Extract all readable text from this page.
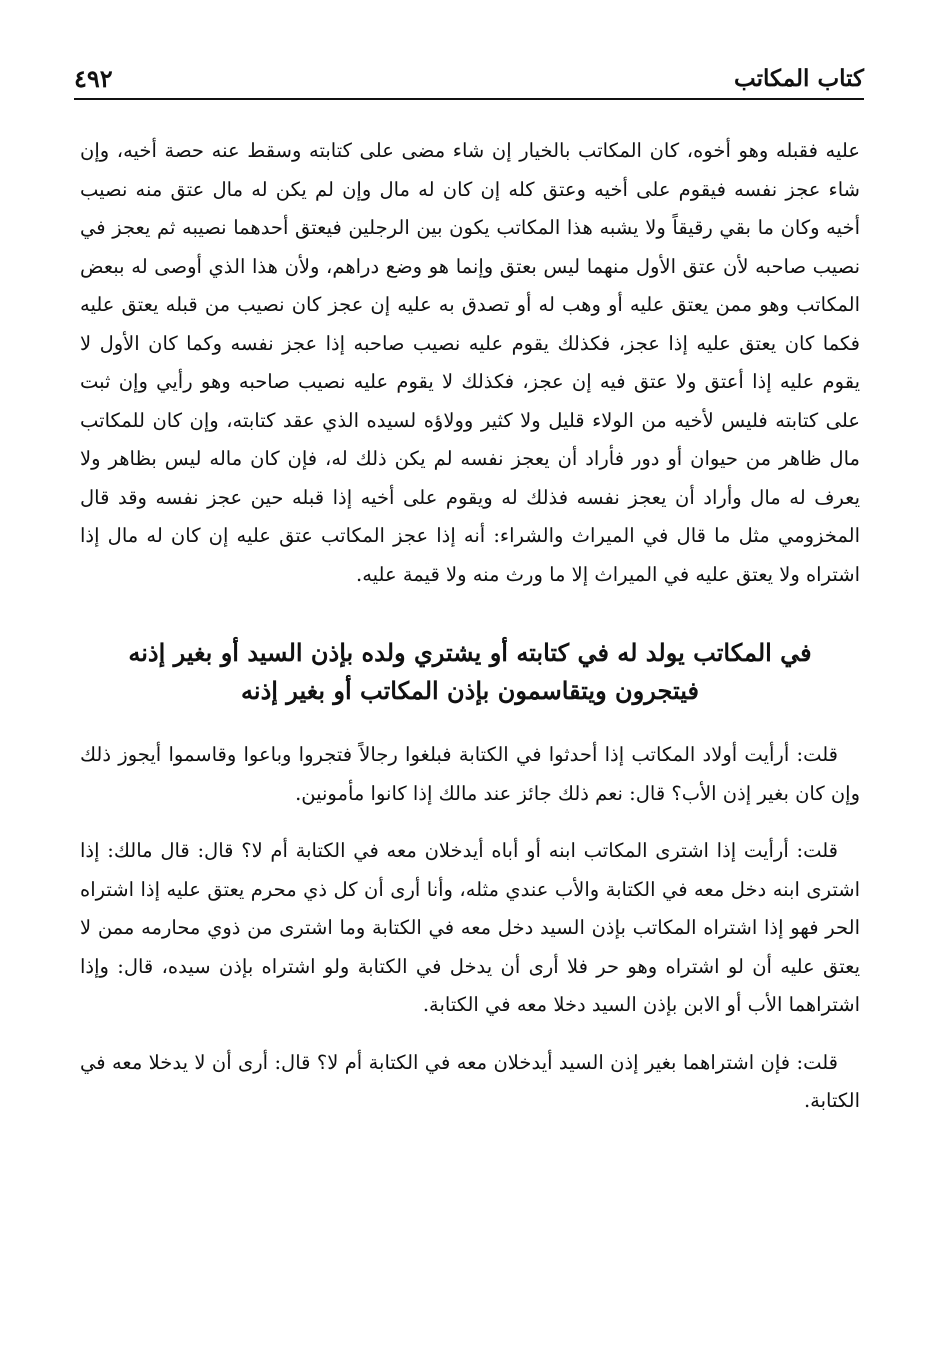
كتاب المكاتب
٤٩٢

عليه فقبله وهو أخوه، كان المكاتب بالخيار إن شاء مضى على كتابته وسقط عنه حصة أخيه، وإن شاء عجز نفسه فيقوم على أخيه وعتق كله إن كان له مال وإن لم يكن له مال عتق منه نصيب أخيه وكان ما بقي رقيقاً ولا يشبه هذا المكاتب يكون بين الرجلين فيعتق أحدهما نصيبه ثم يعجز في نصيب صاحبه لأن عتق الأول منهما ليس بعتق وإنما هو وضع دراهم، ولأن هذا الذي أوصى له ببعض المكاتب وهو ممن يعتق عليه أو وهب له أو تصدق به عليه إن عجز كان نصيب من قبله يعتق عليه فكما كان يعتق عليه إذا عجز، فكذلك يقوم عليه نصيب صاحبه إذا عجز نفسه وكما كان الأول لا يقوم عليه إذا أعتق ولا عتق فيه إن عجز، فكذلك لا يقوم عليه نصيب صاحبه وهو رأيي وإن ثبت على كتابته فليس لأخيه من الولاء قليل ولا كثير وولاؤه لسيده الذي عقد كتابته، وإن كان للمكاتب مال ظاهر من حيوان أو دور فأراد أن يعجز نفسه لم يكن ذلك له، فإن كان ماله ليس بظاهر ولا يعرف له مال وأراد أن يعجز نفسه فذلك له ويقوم على أخيه إذا قبله حين عجز نفسه وقد قال المخزومي مثل ما قال في الميراث والشراء: أنه إذا عجز المكاتب عتق عليه إن كان له مال إذا اشتراه ولا يعتق عليه في الميراث إلا ما ورث منه ولا قيمة عليه.

في المكاتب يولد له في كتابته أو يشتري ولده بإذن السيد أو بغير إذنه
فيتجرون ويتقاسمون بإذن المكاتب أو بغير إذنه

قلت: أرأيت أولاد المكاتب إذا أحدثوا في الكتابة فبلغوا رجالاً فتجروا وباعوا وقاسموا أيجوز ذلك وإن كان بغير إذن الأب؟ قال: نعم ذلك جائز عند مالك إذا كانوا مأمونين.

قلت: أرأيت إذا اشترى المكاتب ابنه أو أباه أيدخلان معه في الكتابة أم لا؟ قال: قال مالك: إذا اشترى ابنه دخل معه في الكتابة والأب عندي مثله، وأنا أرى أن كل ذي محرم يعتق عليه إذا اشتراه الحر فهو إذا اشتراه المكاتب بإذن السيد دخل معه في الكتابة وما اشترى من ذوي محارمه ممن لا يعتق عليه أن لو اشتراه وهو حر فلا أرى أن يدخل في الكتابة ولو اشتراه بإذن سيده، قال: وإذا اشتراهما الأب أو الابن بإذن السيد دخلا معه في الكتابة.

قلت: فإن اشتراهما بغير إذن السيد أيدخلان معه في الكتابة أم لا؟ قال: أرى أن لا يدخلا معه في الكتابة.
